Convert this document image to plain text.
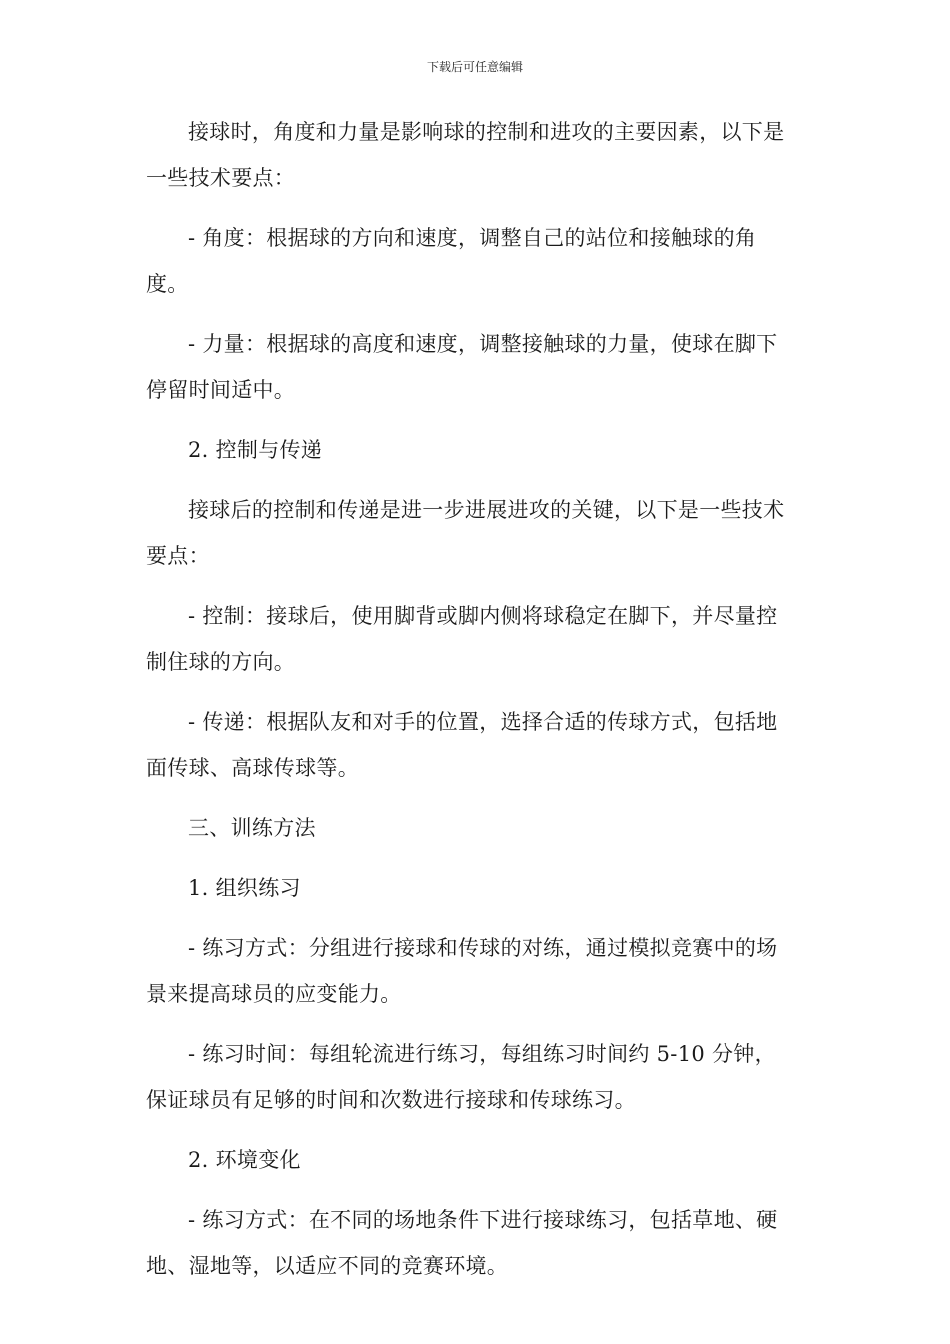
下载后可任意编辑

接球时，角度和力量是影响球的控制和进攻的主要因素，以下是一些技术要点：

- 角度：根据球的方向和速度，调整自己的站位和接触球的角度。

- 力量：根据球的高度和速度，调整接触球的力量，使球在脚下停留时间适中。

2. 控制与传递

接球后的控制和传递是进一步进展进攻的关键，以下是一些技术要点：

- 控制：接球后，使用脚背或脚内侧将球稳定在脚下，并尽量控制住球的方向。

- 传递：根据队友和对手的位置，选择合适的传球方式，包括地面传球、高球传球等。

三、训练方法

1. 组织练习

- 练习方式：分组进行接球和传球的对练，通过模拟竞赛中的场景来提高球员的应变能力。

- 练习时间：每组轮流进行练习，每组练习时间约 5-10 分钟，保证球员有足够的时间和次数进行接球和传球练习。

2. 环境变化

- 练习方式：在不同的场地条件下进行接球练习，包括草地、硬地、湿地等，以适应不同的竞赛环境。
